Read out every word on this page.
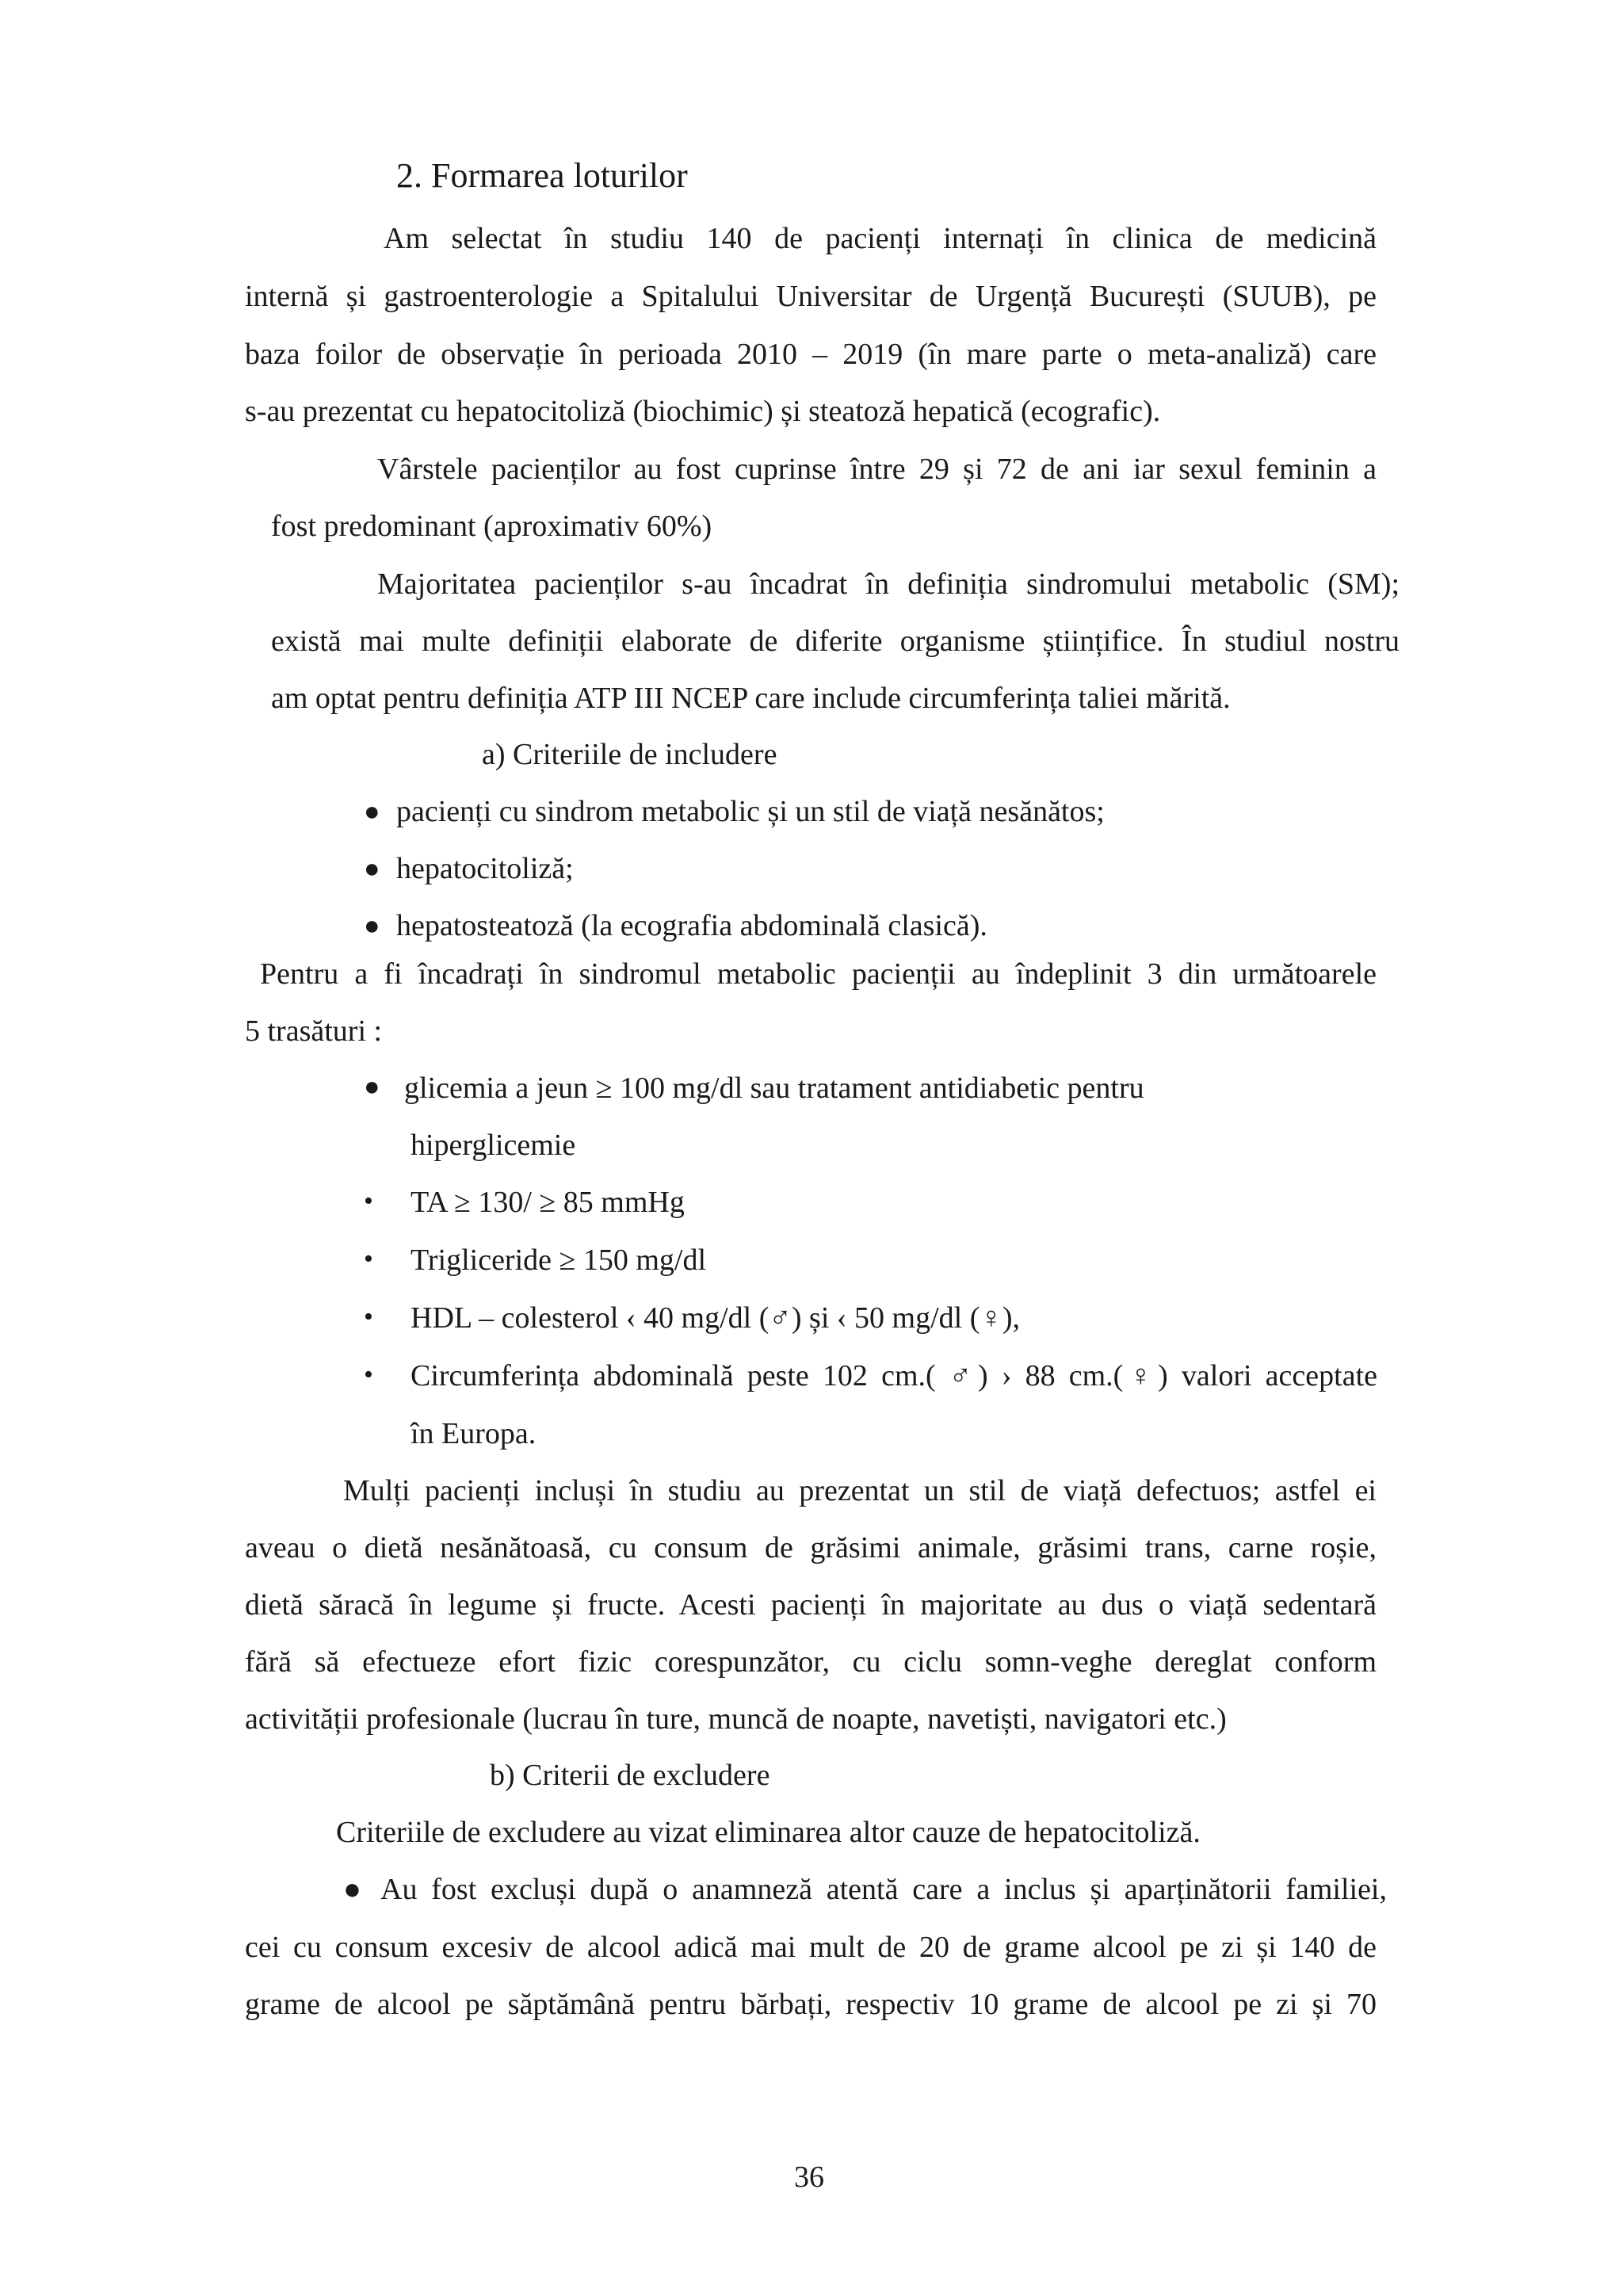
2. Formarea loturilor
Am selectat în studiu 140 de pacienți internați în clinica de medicină
internă și gastroenterologie a Spitalului Universitar de Urgență București (SUUB), pe
baza foilor de observație în perioada 2010 – 2019 (în mare parte o meta-analiză) care
s-au prezentat cu hepatocitoliză (biochimic) și steatoză hepatică (ecografic).
Vârstele pacienților au fost cuprinse între 29 și 72 de ani iar sexul feminin a
fost predominant (aproximativ 60%)
Majoritatea pacienților s-au încadrat în definiția sindromului metabolic (SM);
există mai multe definiții elaborate de diferite organisme științifice. În studiul nostru
am optat pentru definiția ATP III NCEP care include circumferința taliei mărită.
a) Criteriile de includere
● pacienți cu sindrom metabolic și un stil de viață nesănătos;
● hepatocitoliză;
● hepatosteatoză (la ecografia abdominală clasică).
Pentru a fi încadrați în sindromul metabolic pacienții au îndeplinit 3 din următoarele
5 trasături :
● glicemia a jeun ≥ 100 mg/dl sau tratament antidiabetic pentru
hiperglicemie
• TA ≥ 130/ ≥ 85 mmHg
• Trigliceride ≥ 150 mg/dl
• HDL – colesterol ‹ 40 mg/dl (♂) și ‹ 50 mg/dl (♀),
• Circumferința abdominală peste 102 cm.( ♂) › 88 cm.(♀) valori acceptate
în Europa.
Mulți pacienți incluși în studiu au prezentat un stil de viață defectuos; astfel ei
aveau o dietă nesănătoasă, cu consum de grăsimi animale, grăsimi trans, carne roșie,
dietă săracă în legume și fructe. Acesti pacienți în majoritate au dus o viață sedentară
fără să efectueze efort fizic corespunzător, cu ciclu somn-veghe dereglat conform
activității profesionale (lucrau în ture, muncă de noapte, navetiști, navigatori etc.)
b) Criterii de excludere
Criteriile de excludere au vizat eliminarea altor cauze de hepatocitoliză.
● Au fost excluși după o anamneză atentă care a inclus și aparținătorii familiei,
cei cu consum excesiv de alcool adică mai mult de 20 de grame alcool pe zi și 140 de
grame de alcool pe săptămână pentru bărbați, respectiv 10 grame de alcool pe zi și 70
36
